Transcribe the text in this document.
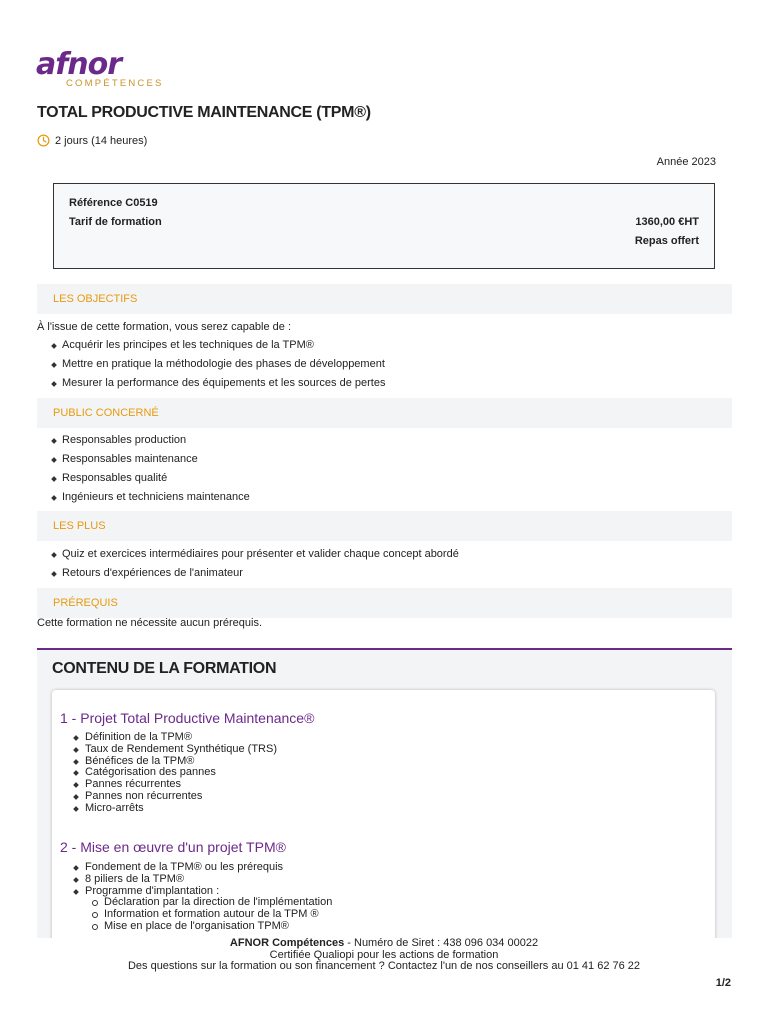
afnor
COMPÉTENCES
TOTAL PRODUCTIVE MAINTENANCE (TPM®)
2 jours (14 heures)
Année 2023
Référence C0519
Tarif de formation	1360,00 €HT
Repas offert
LES OBJECTIFS
À l'issue de cette formation, vous serez capable de :
Acquérir les principes et les techniques de la TPM®
Mettre en pratique la méthodologie des phases de développement
Mesurer la performance des équipements et les sources de pertes
PUBLIC CONCERNÉ
Responsables production
Responsables maintenance
Responsables qualité
Ingénieurs et techniciens maintenance
LES PLUS
Quiz et exercices intermédiaires pour présenter et valider chaque concept abordé
Retours d'expériences de l'animateur
PRÉREQUIS
Cette formation ne nécessite aucun prérequis.
CONTENU DE LA FORMATION
1 - Projet Total Productive Maintenance®
Définition de la TPM®
Taux de Rendement Synthétique (TRS)
Bénéfices de la TPM®
Catégorisation des pannes
Pannes récurrentes
Pannes non récurrentes
Micro-arrêts
2 - Mise en œuvre d'un projet TPM®
Fondement de la TPM® ou les prérequis
8 piliers de la TPM®
Programme d'implantation :
Déclaration par la direction de l'implémentation
Information et formation autour de la TPM ®
Mise en place de l'organisation TPM®
AFNOR Compétences - Numéro de Siret : 438 096 034 00022
Certifiée Qualiopi pour les actions de formation
Des questions sur la formation ou son financement ? Contactez l'un de nos conseillers au 01 41 62 76 22
1/2
